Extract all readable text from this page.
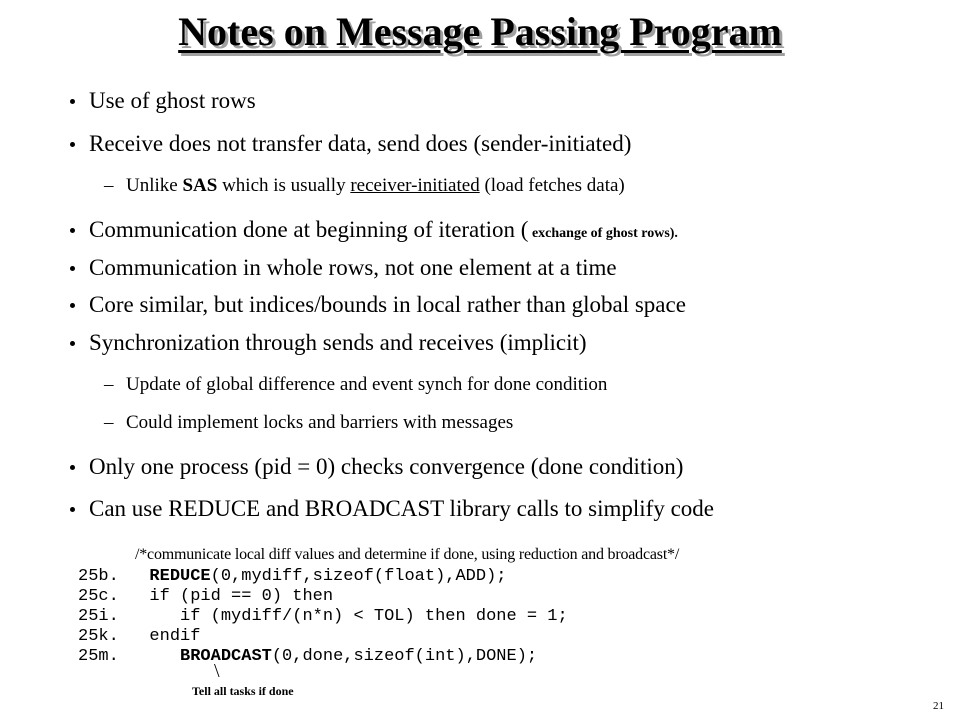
Notes on Message Passing Program
Use of ghost rows
Receive does not transfer data, send does (sender-initiated)
– Unlike SAS which is usually receiver-initiated (load fetches data)
Communication done at beginning of iteration ( exchange of ghost rows).
Communication in whole rows, not one element at a time
Core similar, but indices/bounds in local rather than global space
Synchronization through sends and receives (implicit)
– Update of global difference and event synch for done condition
– Could implement locks and barriers with messages
Only one process (pid = 0) checks convergence (done condition)
Can use REDUCE and BROADCAST library calls to simplify code
/*communicate local diff values and determine if done, using reduction and broadcast*/
25b. REDUCE(0,mydiff,sizeof(float),ADD);
25c. if (pid == 0) then
25i.	if (mydiff/(n*n) < TOL) then done = 1;
25k. endif
25m.	BROADCAST(0,done,sizeof(int),DONE);
\
Tell all tasks if done
21
